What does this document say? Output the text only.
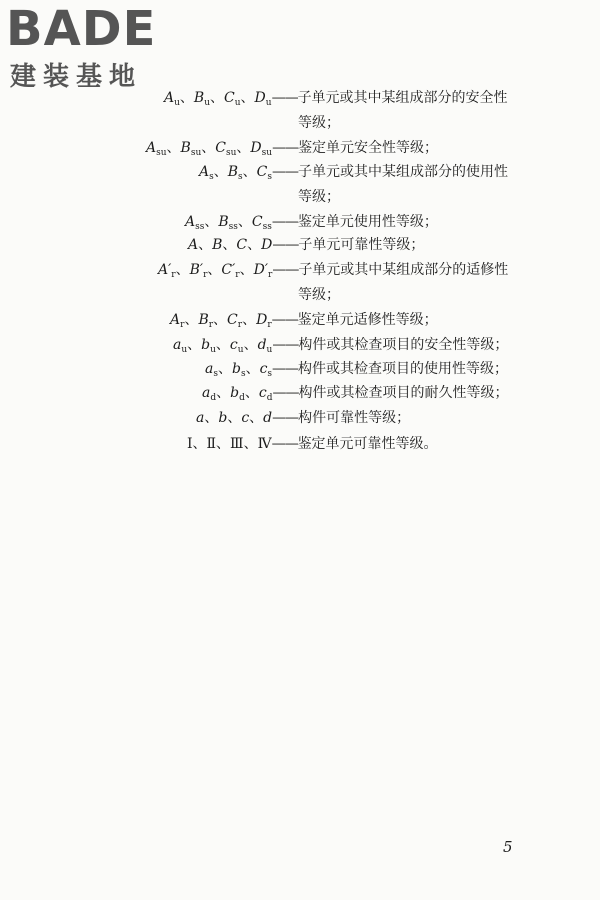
BADE
建装基地
$A_u$、$B_u$、$C_u$、$D_u——$子单元或其中某组成部分的安全性
等级；
$A_{su}$、$B_{su}$、$C_{su}$、$D_{su}——$鉴定单元安全性等级；
$A_s$、$B_s$、$C_s——$子单元或其中某组成部分的使用性
等级；
$A_{ss}$、$B_{ss}$、$C_{ss}——$鉴定单元使用性等级；
A、B、C、D——子单元可靠性等级；
$A'_r$、$B'_r$、$C'_r$、$D'_r——$子单元或其中某组成部分的适修性
等级；
$A_r$、$B_r$、$C_r$、$D_r——$鉴定单元适修性等级；
$a_u$、$b_u$、$c_u$、$d_u——$构件或其检查项目的安全性等级；
$a_s$、$b_s$、$c_s——$构件或其检查项目的使用性等级；
$a_d$、$b_d$、$c_d——$构件或其检查项目的耐久性等级；
a、b、c、d——构件可靠性等级；
Ⅰ、Ⅱ、Ⅲ、Ⅳ——鉴定单元可靠性等级。
5
